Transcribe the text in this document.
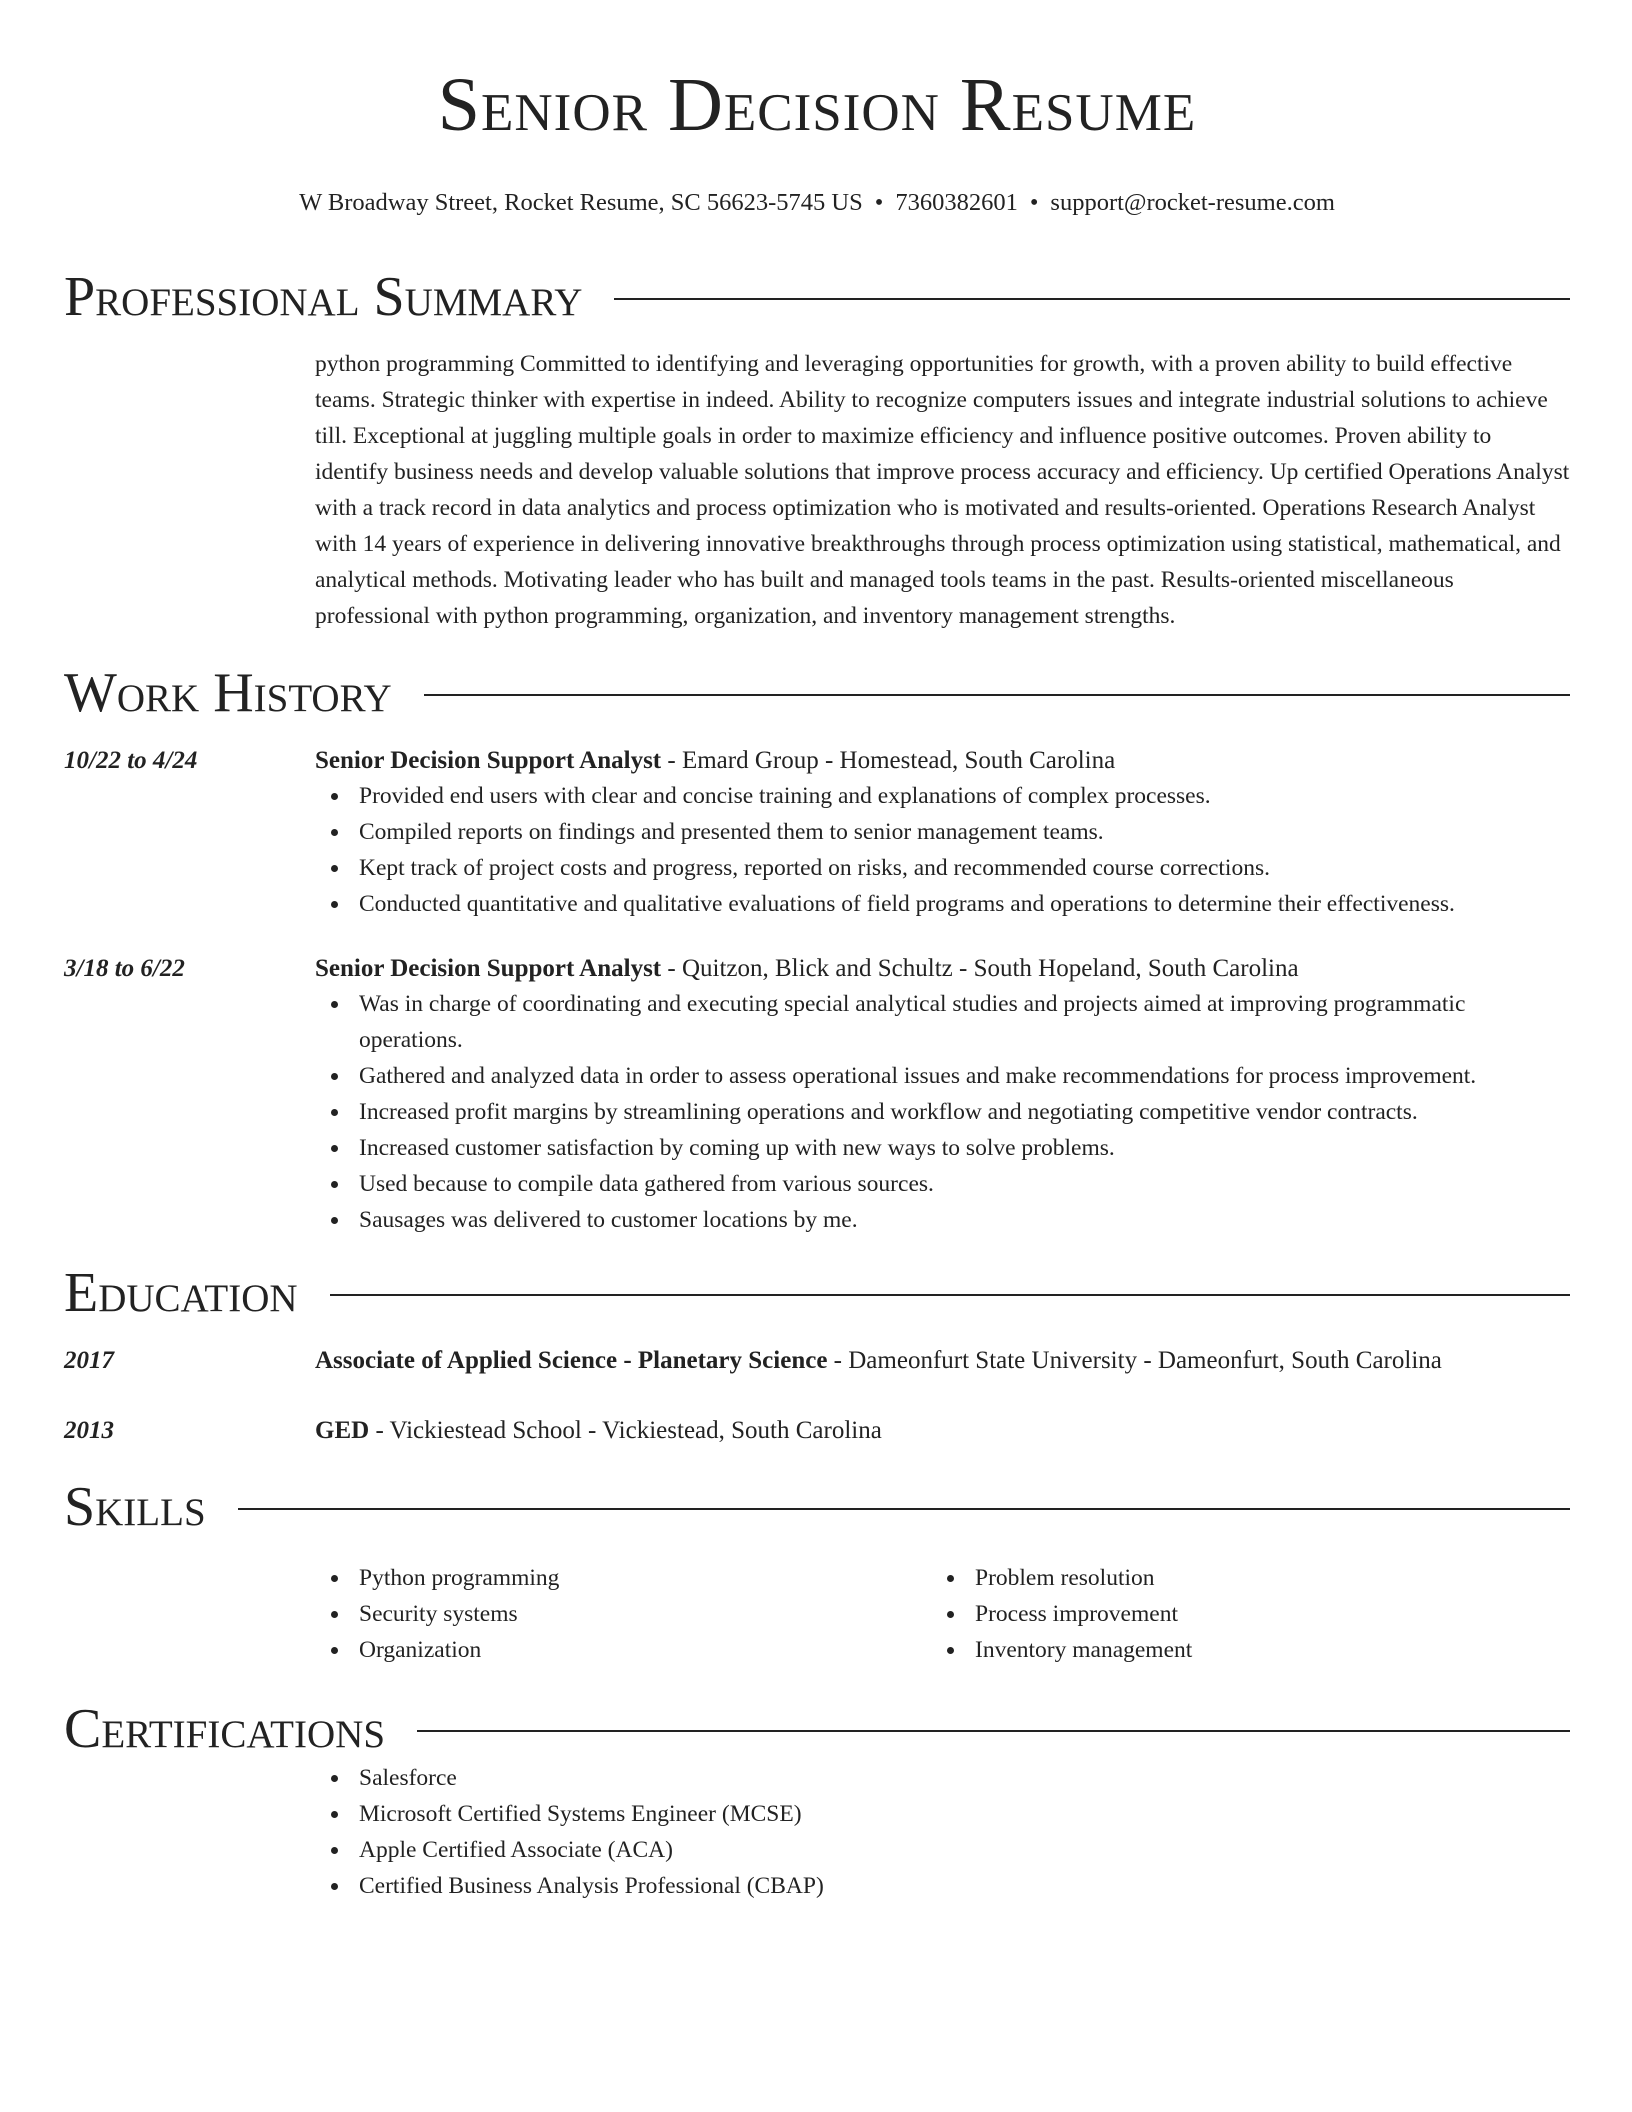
Senior Decision Resume
W Broadway Street, Rocket Resume, SC 56623-5745 US • 7360382601 • support@rocket-resume.com
Professional Summary
python programming Committed to identifying and leveraging opportunities for growth, with a proven ability to build effective teams. Strategic thinker with expertise in indeed. Ability to recognize computers issues and integrate industrial solutions to achieve till. Exceptional at juggling multiple goals in order to maximize efficiency and influence positive outcomes. Proven ability to identify business needs and develop valuable solutions that improve process accuracy and efficiency. Up certified Operations Analyst with a track record in data analytics and process optimization who is motivated and results-oriented. Operations Research Analyst with 14 years of experience in delivering innovative breakthroughs through process optimization using statistical, mathematical, and analytical methods. Motivating leader who has built and managed tools teams in the past. Results-oriented miscellaneous professional with python programming, organization, and inventory management strengths.
Work History
10/22 to 4/24	Senior Decision Support Analyst - Emard Group - Homestead, South Carolina
Provided end users with clear and concise training and explanations of complex processes.
Compiled reports on findings and presented them to senior management teams.
Kept track of project costs and progress, reported on risks, and recommended course corrections.
Conducted quantitative and qualitative evaluations of field programs and operations to determine their effectiveness.
3/18 to 6/22	Senior Decision Support Analyst - Quitzon, Blick and Schultz - South Hopeland, South Carolina
Was in charge of coordinating and executing special analytical studies and projects aimed at improving programmatic operations.
Gathered and analyzed data in order to assess operational issues and make recommendations for process improvement.
Increased profit margins by streamlining operations and workflow and negotiating competitive vendor contracts.
Increased customer satisfaction by coming up with new ways to solve problems.
Used because to compile data gathered from various sources.
Sausages was delivered to customer locations by me.
Education
2017	Associate of Applied Science - Planetary Science - Dameonfurt State University - Dameonfurt, South Carolina
2013	GED - Vickiestead School - Vickiestead, South Carolina
Skills
Python programming
Security systems
Organization
Problem resolution
Process improvement
Inventory management
Certifications
Salesforce
Microsoft Certified Systems Engineer (MCSE)
Apple Certified Associate (ACA)
Certified Business Analysis Professional (CBAP)
